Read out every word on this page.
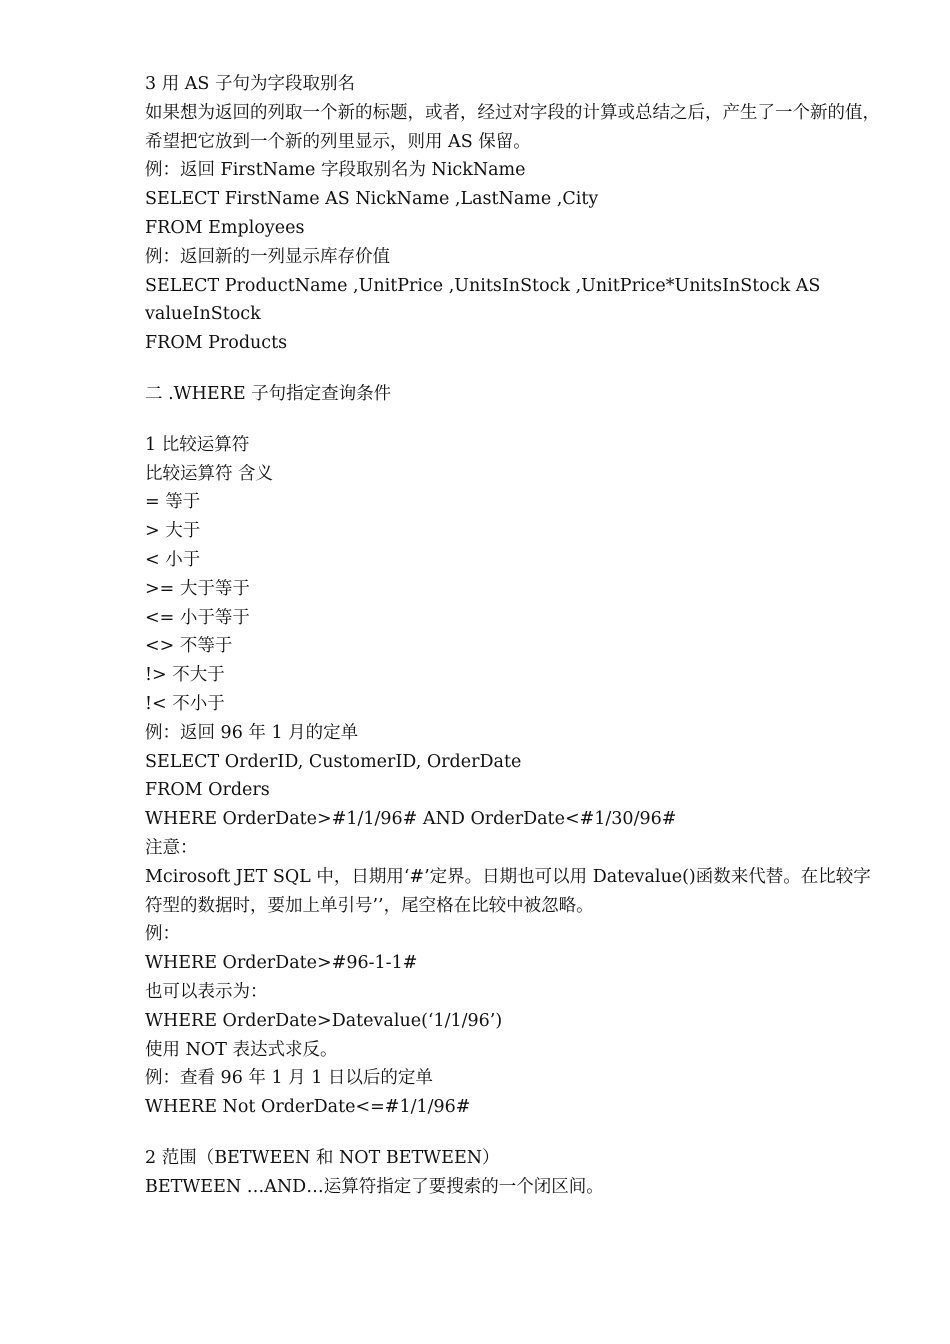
3 用 AS 子句为字段取别名
如果想为返回的列取一个新的标题，或者，经过对字段的计算或总结之后，产生了一个新的值，希望把它放到一个新的列里显示，则用 AS 保留。
例：返回 FirstName 字段取别名为 NickName
SELECT FirstName AS NickName ,LastName ,City
FROM Employees
例：返回新的一列显示库存价值
SELECT ProductName ,UnitPrice ,UnitsInStock ,UnitPrice*UnitsInStock AS
valueInStock
FROM Products
二 .WHERE 子句指定查询条件
1 比较运算符
比较运算符 含义
= 等于
> 大于
< 小于
>= 大于等于
<= 小于等于
<> 不等于
!> 不大于
!< 不小于
例：返回 96 年 1 月的定单
SELECT OrderID, CustomerID, OrderDate
FROM Orders
WHERE OrderDate>#1/1/96# AND OrderDate<#1/30/96#
注意：
Mcirosoft JET SQL 中，日期用‘#’定界。日期也可以用 Datevalue()函数来代替。在比较字符型的数据时，要加上单引号’’，尾空格在比较中被忽略。
例：
WHERE OrderDate>#96-1-1#
也可以表示为：
WHERE OrderDate>Datevalue(‘1/1/96’)
使用 NOT 表达式求反。
例：查看 96 年 1 月 1 日以后的定单
WHERE Not OrderDate<=#1/1/96#
2 范围（BETWEEN 和 NOT BETWEEN）
BETWEEN …AND…运算符指定了要搜索的一个闭区间。
